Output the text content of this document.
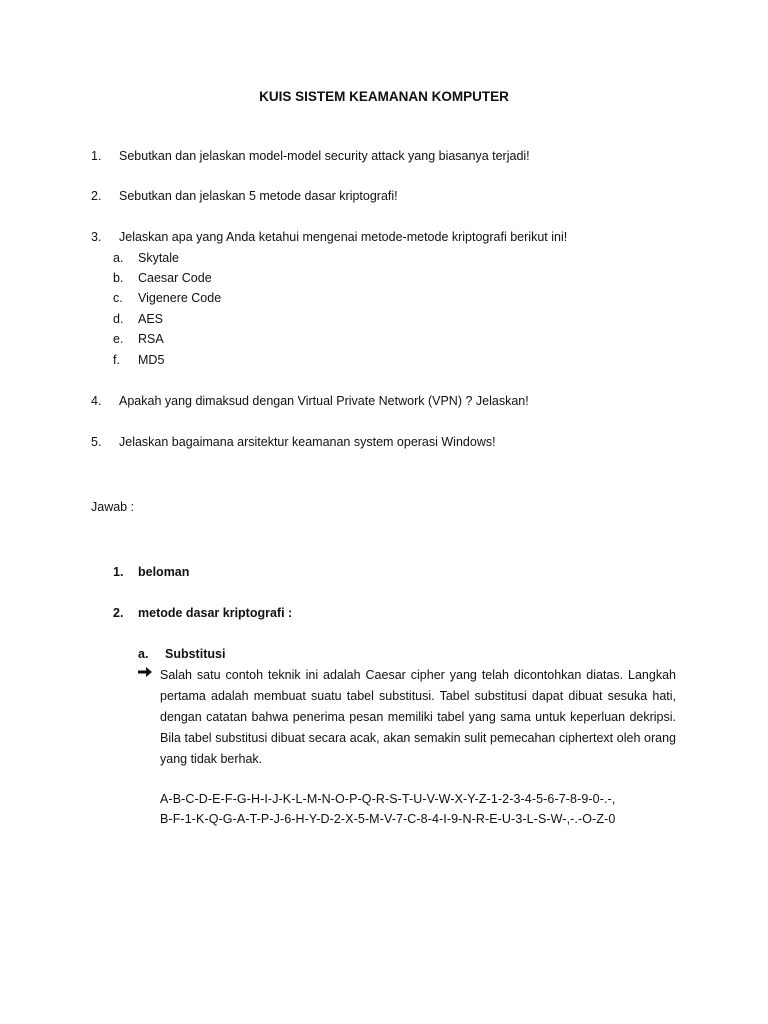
KUIS SISTEM KEAMANAN KOMPUTER
1.	Sebutkan dan jelaskan model-model security attack yang biasanya terjadi!
2.	Sebutkan dan jelaskan 5 metode dasar kriptografi!
3.	Jelaskan apa yang Anda ketahui mengenai metode-metode kriptografi berikut ini!
a. Skytale
b. Caesar Code
c. Vigenere Code
d. AES
e. RSA
f. MD5
4.	Apakah yang dimaksud dengan Virtual Private Network (VPN) ? Jelaskan!
5.	Jelaskan bagaimana arsitektur keamanan system operasi Windows!
Jawab :
1. beloman
2. metode dasar kriptografi :
a. Substitusi
Salah satu contoh teknik ini adalah Caesar cipher yang telah dicontohkan diatas. Langkah pertama adalah membuat suatu tabel substitusi. Tabel substitusi dapat dibuat sesuka hati, dengan catatan bahwa penerima pesan memiliki tabel yang sama untuk keperluan dekripsi. Bila tabel substitusi dibuat secara acak, akan semakin sulit pemecahan ciphertext oleh orang yang tidak berhak.
A-B-C-D-E-F-G-H-I-J-K-L-M-N-O-P-Q-R-S-T-U-V-W-X-Y-Z-1-2-3-4-5-6-7-8-9-0-.-,
B-F-1-K-Q-G-A-T-P-J-6-H-Y-D-2-X-5-M-V-7-C-8-4-I-9-N-R-E-U-3-L-S-W-,-.-O-Z-0
